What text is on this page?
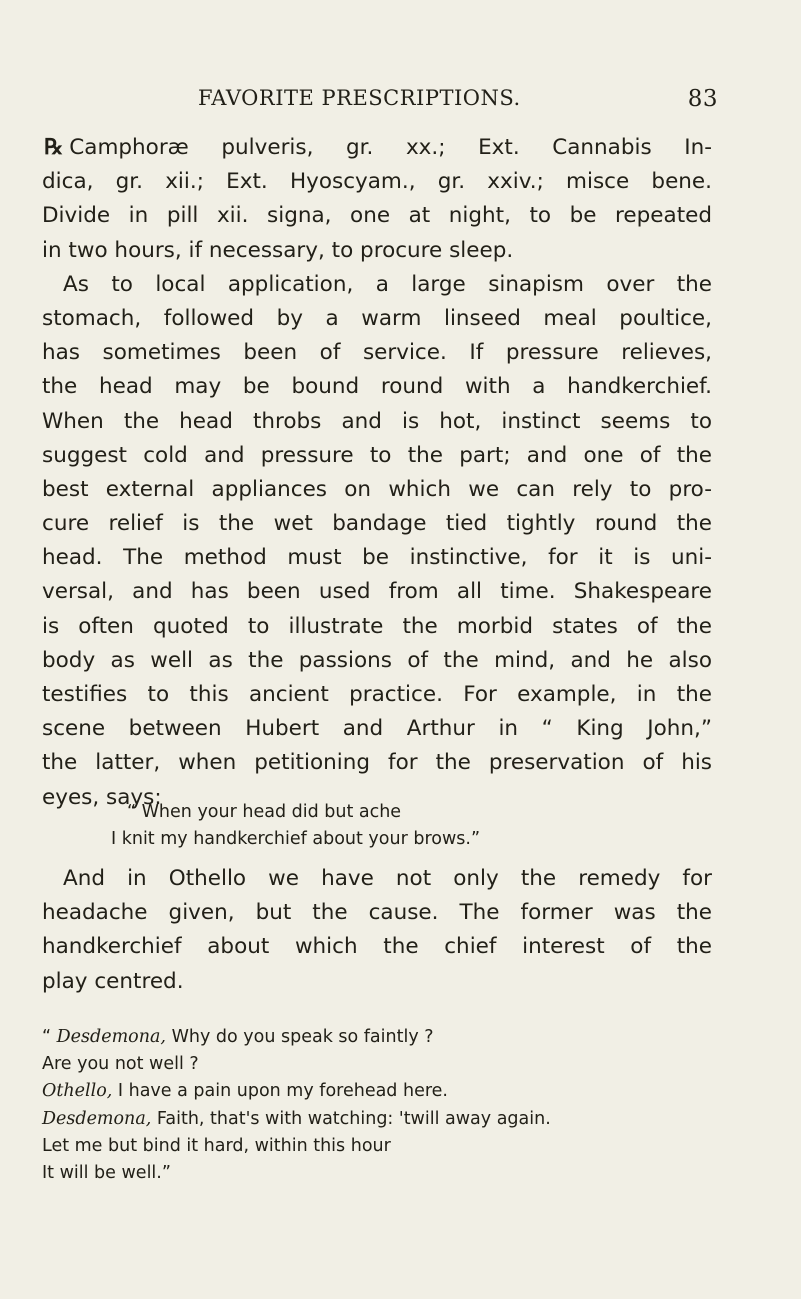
FAVORITE PRESCRIPTIONS.	83
℞ Camphoræ pulveris, gr. xx.; Ext. Cannabis In-
dica, gr. xii.; Ext. Hyoscyam., gr. xxiv.; misce bene.
Divide in pill xii. signa, one at night, to be repeated
in two hours, if necessary, to procure sleep.
As to local application, a large sinapism over the
stomach, followed by a warm linseed meal poultice,
has sometimes been of service. If pressure relieves,
the head may be bound round with a handkerchief.
When the head throbs and is hot, instinct seems to
suggest cold and pressure to the part; and one of the
best external appliances on which we can rely to pro-
cure relief is the wet bandage tied tightly round the
head. The method must be instinctive, for it is uni-
versal, and has been used from all time. Shakespeare
is often quoted to illustrate the morbid states of the
body as well as the passions of the mind, and he also
testifies to this ancient practice. For example, in the
scene between Hubert and Arthur in “ King John,”
the latter, when petitioning for the preservation of his
eyes, says:
“ When your head did but ache
I knit my handkerchief about your brows.”
And in Othello we have not only the remedy for
headache given, but the cause. The former was the
handkerchief about which the chief interest of the
play centred.
“ Desdemona, Why do you speak so faintly ?
Are you not well ?
Othello, I have a pain upon my forehead here.
Desdemona, Faith, that's with watching: 'twill away again.
Let me but bind it hard, within this hour
It will be well.”
